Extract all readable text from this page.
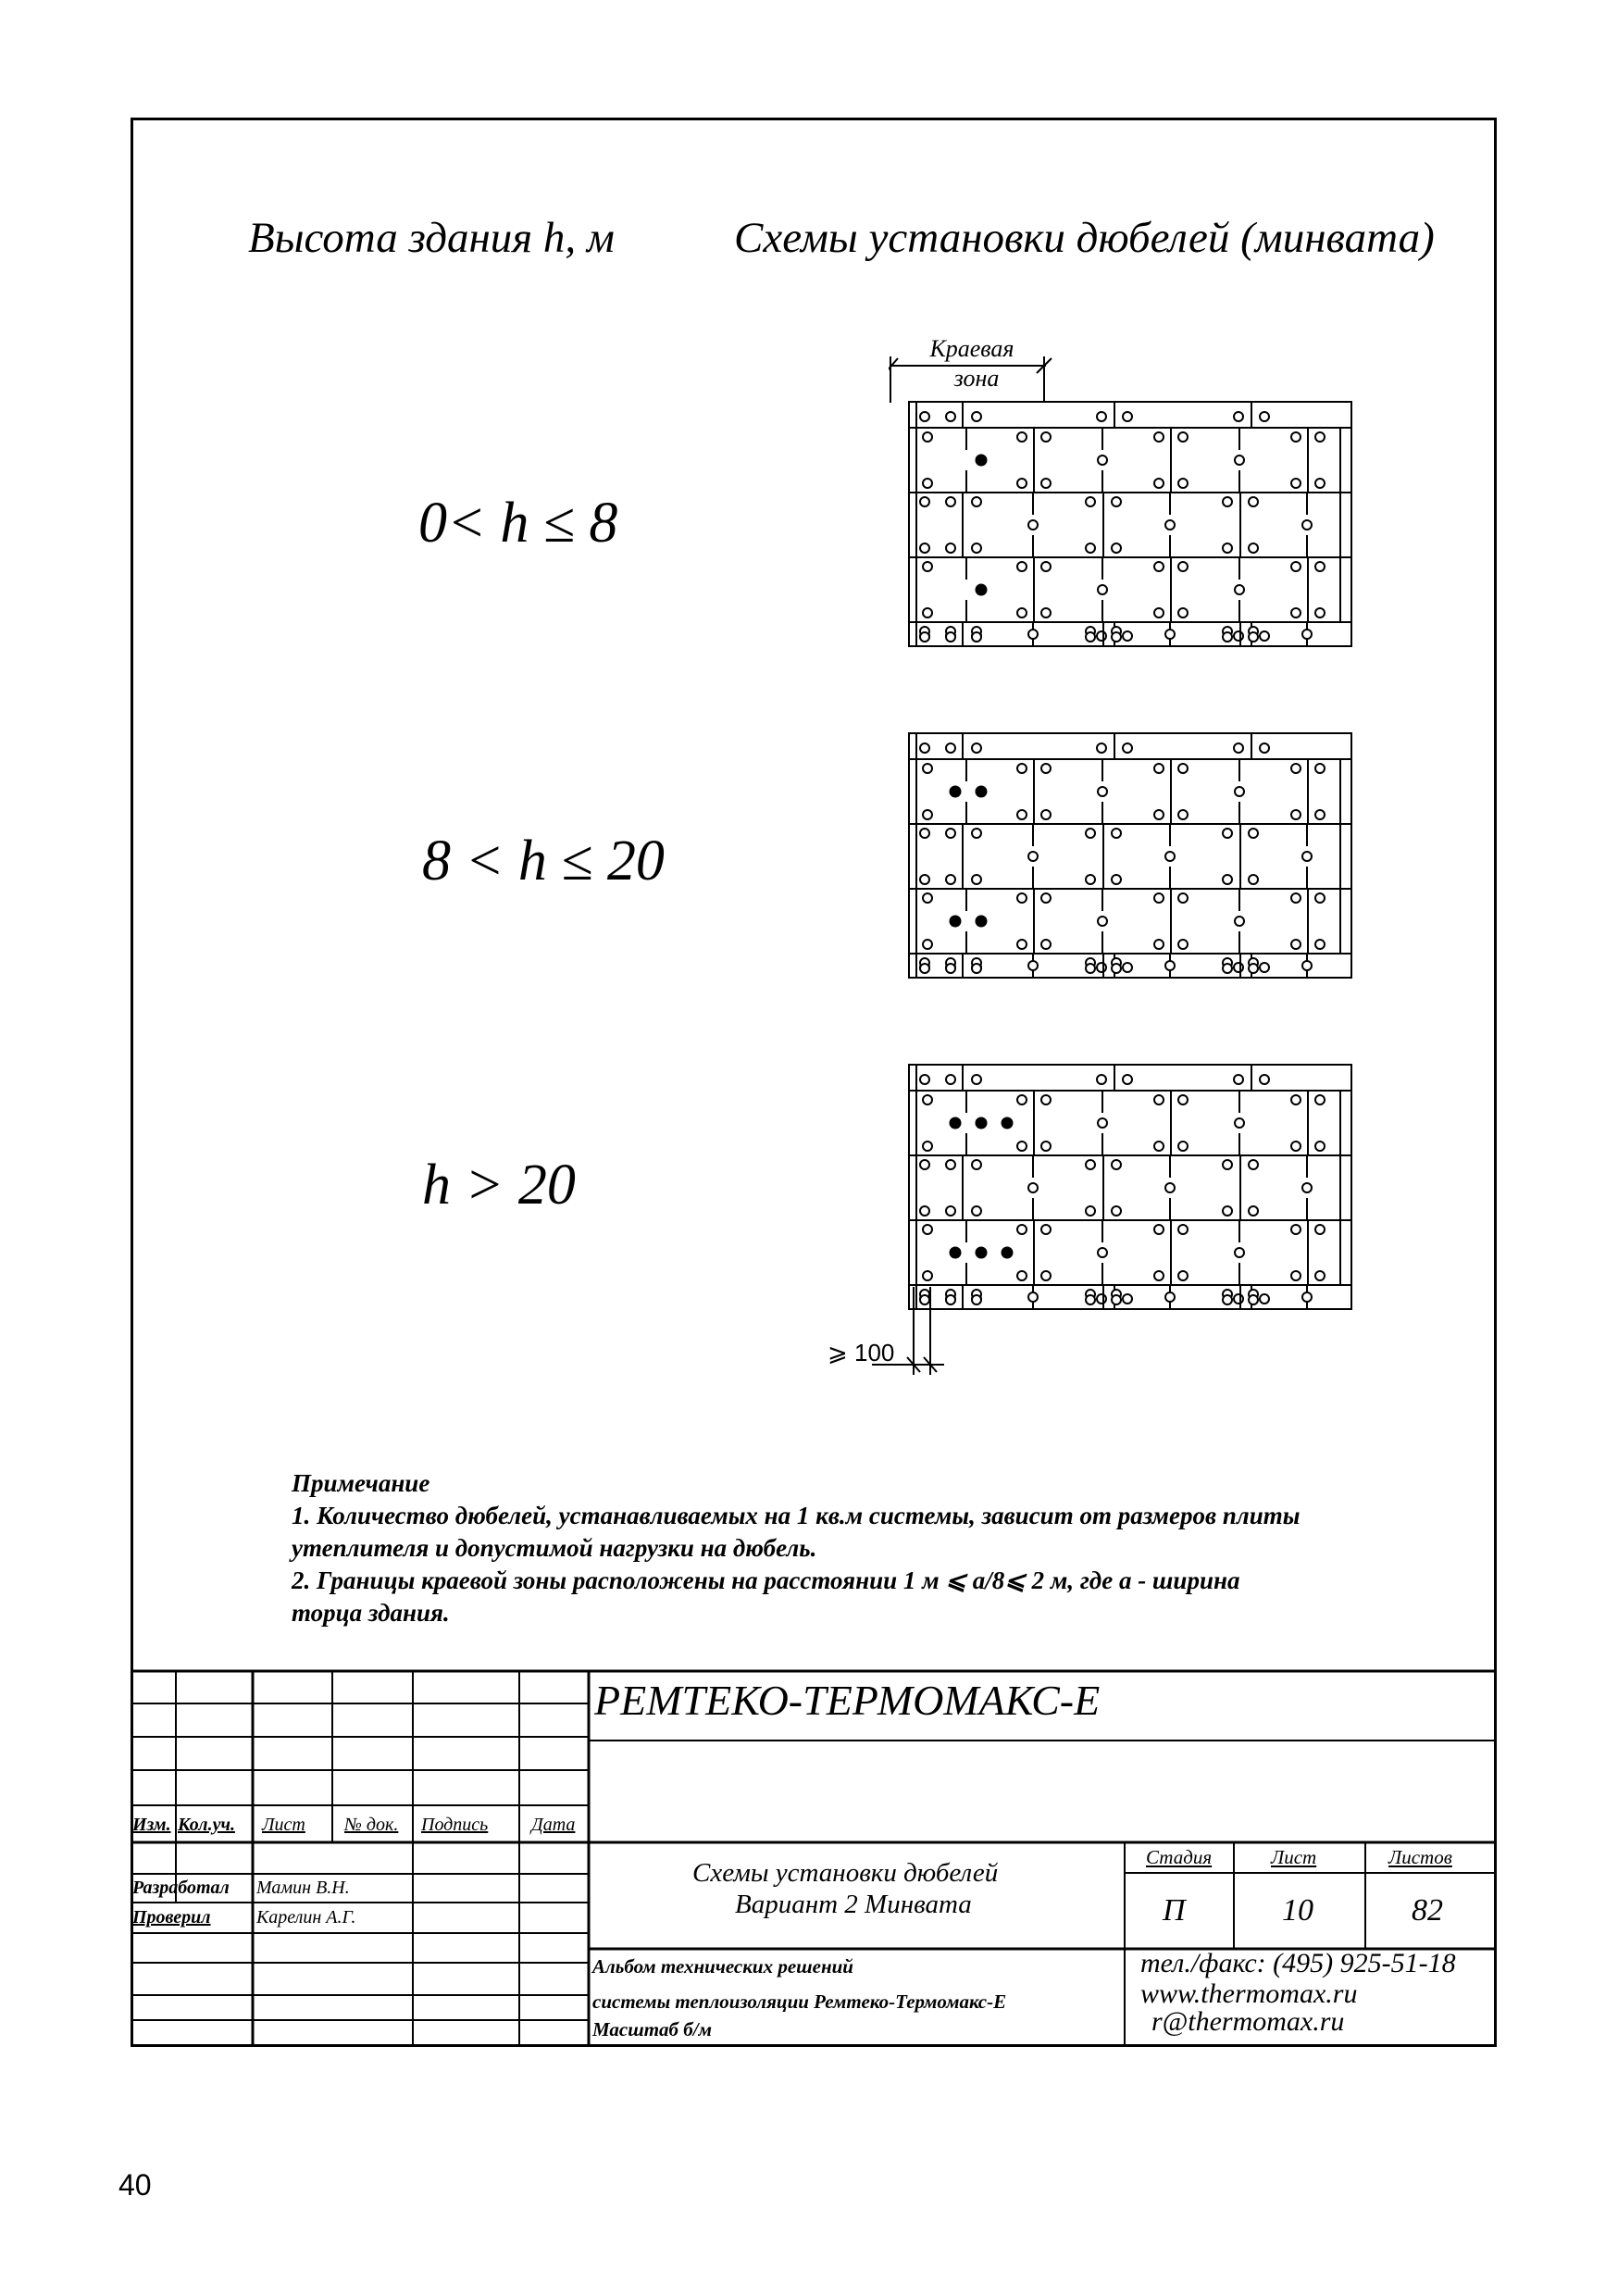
Высота здания h, м	Схемы установки дюбелей (минвата)
0< h ≤ 8
8 < h ≤ 20
h > 20
Краевая
зона
⩾ 100
Примечание
1. Количество дюбелей, устанавливаемых на 1 кв.м системы, зависит от размеров плиты
утеплителя и допустимой нагрузки на дюбель.
2. Границы краевой зоны расположены на расстоянии 1 м ⩽ a/8⩽ 2 м, где a - ширина
торца здания.
РЕМТЕКО-ТЕРМОМАКС-Е
Изм. Кол.уч. Лист № док. Подпись Дата
Разработал Мамин В.Н.
Проверил Карелин А.Г.
Схемы установки дюбелей
Вариант 2 Минвата
Стадия	Лист	Листов
П	10	82
Альбом технических решений
системы теплоизоляции Ремтеко-Термомакс-Е
Масштаб б/м
тел./факс: (495) 925-51-18
www.thermomax.ru
r@thermomax.ru
40
